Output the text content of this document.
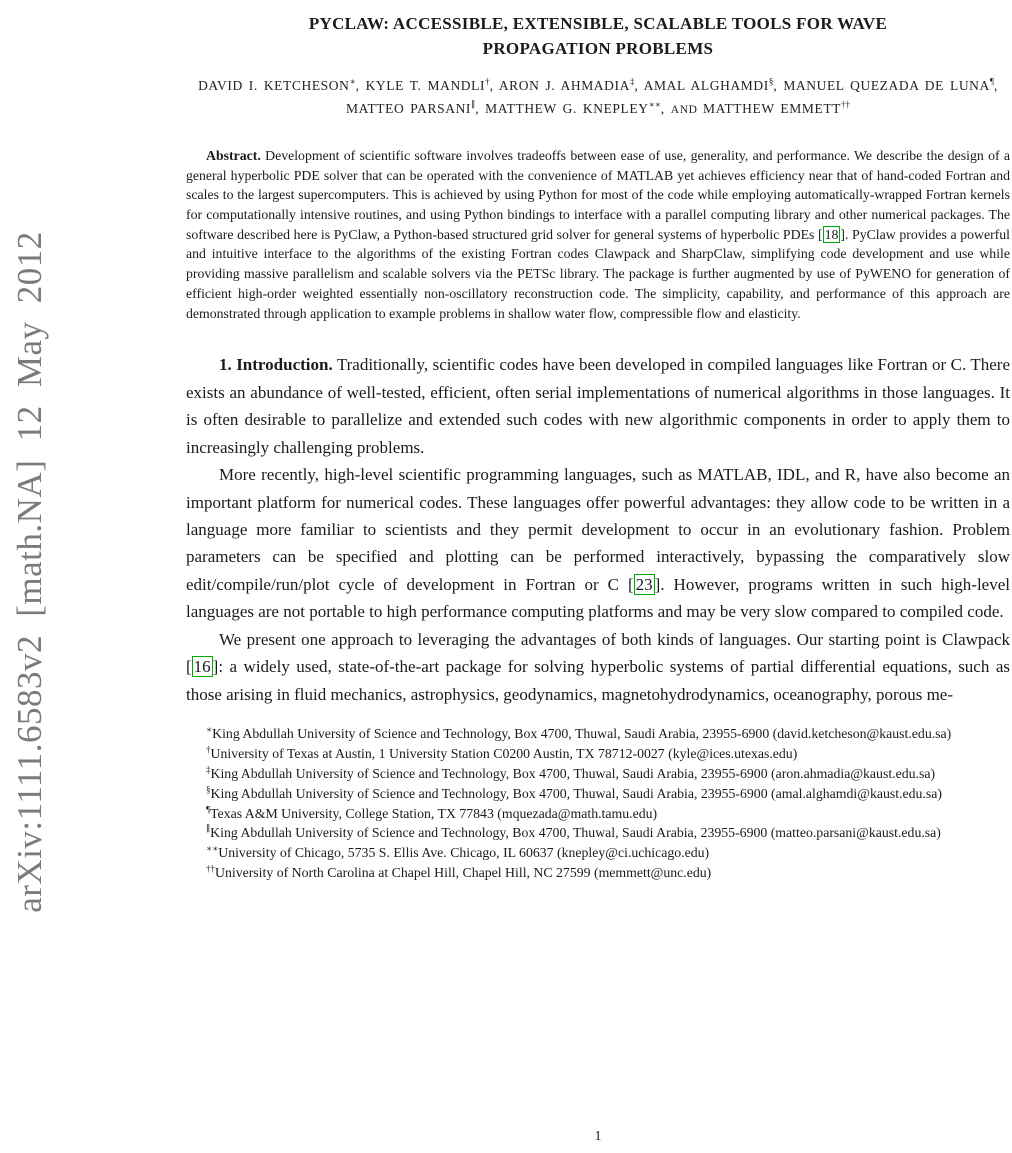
arXiv:1111.6583v2 [math.NA] 12 May 2012
PYCLAW: ACCESSIBLE, EXTENSIBLE, SCALABLE TOOLS FOR WAVE PROPAGATION PROBLEMS
DAVID I. KETCHESON∗, KYLE T. MANDLI†, ARON J. AHMADIA‡, AMAL ALGHAMDI§, MANUEL QUEZADA DE LUNA¶, MATTEO PARSANI∥, MATTHEW G. KNEPLEY∗∗, AND MATTHEW EMMETT††

Abstract. Development of scientific software involves tradeoffs between ease of use, generality, and performance. We describe the design of a general hyperbolic PDE solver that can be operated with the convenience of MATLAB yet achieves efficiency near that of hand-coded Fortran and scales to the largest supercomputers. This is achieved by using Python for most of the code while employing automatically-wrapped Fortran kernels for computationally intensive routines, and using Python bindings to interface with a parallel computing library and other numerical packages. The software described here is PyClaw, a Python-based structured grid solver for general systems of hyperbolic PDEs [ 18 ]. PyClaw provides a powerful and intuitive interface to the algorithms of the existing Fortran codes Clawpack and SharpClaw, simplifying code development and use while providing massive parallelism and scalable solvers via the PETSc library. The package is further augmented by use of PyWENO for generation of efficient high-order weighted essentially non-oscillatory reconstruction code. The simplicity, capability, and performance of this approach are demonstrated through application to example problems in shallow water flow, compressible flow and elasticity.

1. Introduction. Traditionally, scientific codes have been developed in compiled languages like Fortran or C. There exists an abundance of well-tested, efficient, often serial implementations of numerical algorithms in those languages. It is often desirable to parallelize and extended such codes with new algorithmic components in order to apply them to increasingly challenging problems.

More recently, high-level scientific programming languages, such as MATLAB, IDL, and R, have also become an important platform for numerical codes. These languages offer powerful advantages: they allow code to be written in a language more familiar to scientists and they permit development to occur in an evolutionary fashion. Problem parameters can be specified and plotting can be performed interactively, bypassing the comparatively slow edit/compile/run/plot cycle of development in Fortran or C [ 23 ]. However, programs written in such high-level languages are not portable to high performance computing platforms and may be very slow compared to compiled code.

We present one approach to leveraging the advantages of both kinds of languages. Our starting point is Clawpack [ 16 ]: a widely used, state-of-the-art package for solving hyperbolic systems of partial differential equations, such as those arising in fluid mechanics, astrophysics, geodynamics, magnetohydrodynamics, oceanography, porous me-

∗King Abdullah University of Science and Technology, Box 4700, Thuwal, Saudi Arabia, 23955-6900 (david.ketcheson@kaust.edu.sa)

†University of Texas at Austin, 1 University Station C0200 Austin, TX 78712-0027 (kyle@ices.utexas.edu)

‡King Abdullah University of Science and Technology, Box 4700, Thuwal, Saudi Arabia, 23955-6900 (aron.ahmadia@kaust.edu.sa)

§King Abdullah University of Science and Technology, Box 4700, Thuwal, Saudi Arabia, 23955-6900 (amal.alghamdi@kaust.edu.sa)

¶Texas A&M University, College Station, TX 77843 (mquezada@math.tamu.edu)

∥King Abdullah University of Science and Technology, Box 4700, Thuwal, Saudi Arabia, 23955-6900 (matteo.parsani@kaust.edu.sa)

∗∗University of Chicago, 5735 S. Ellis Ave. Chicago, IL 60637 (knepley@ci.uchicago.edu)

††University of North Carolina at Chapel Hill, Chapel Hill, NC 27599 (memmett@unc.edu)

1
